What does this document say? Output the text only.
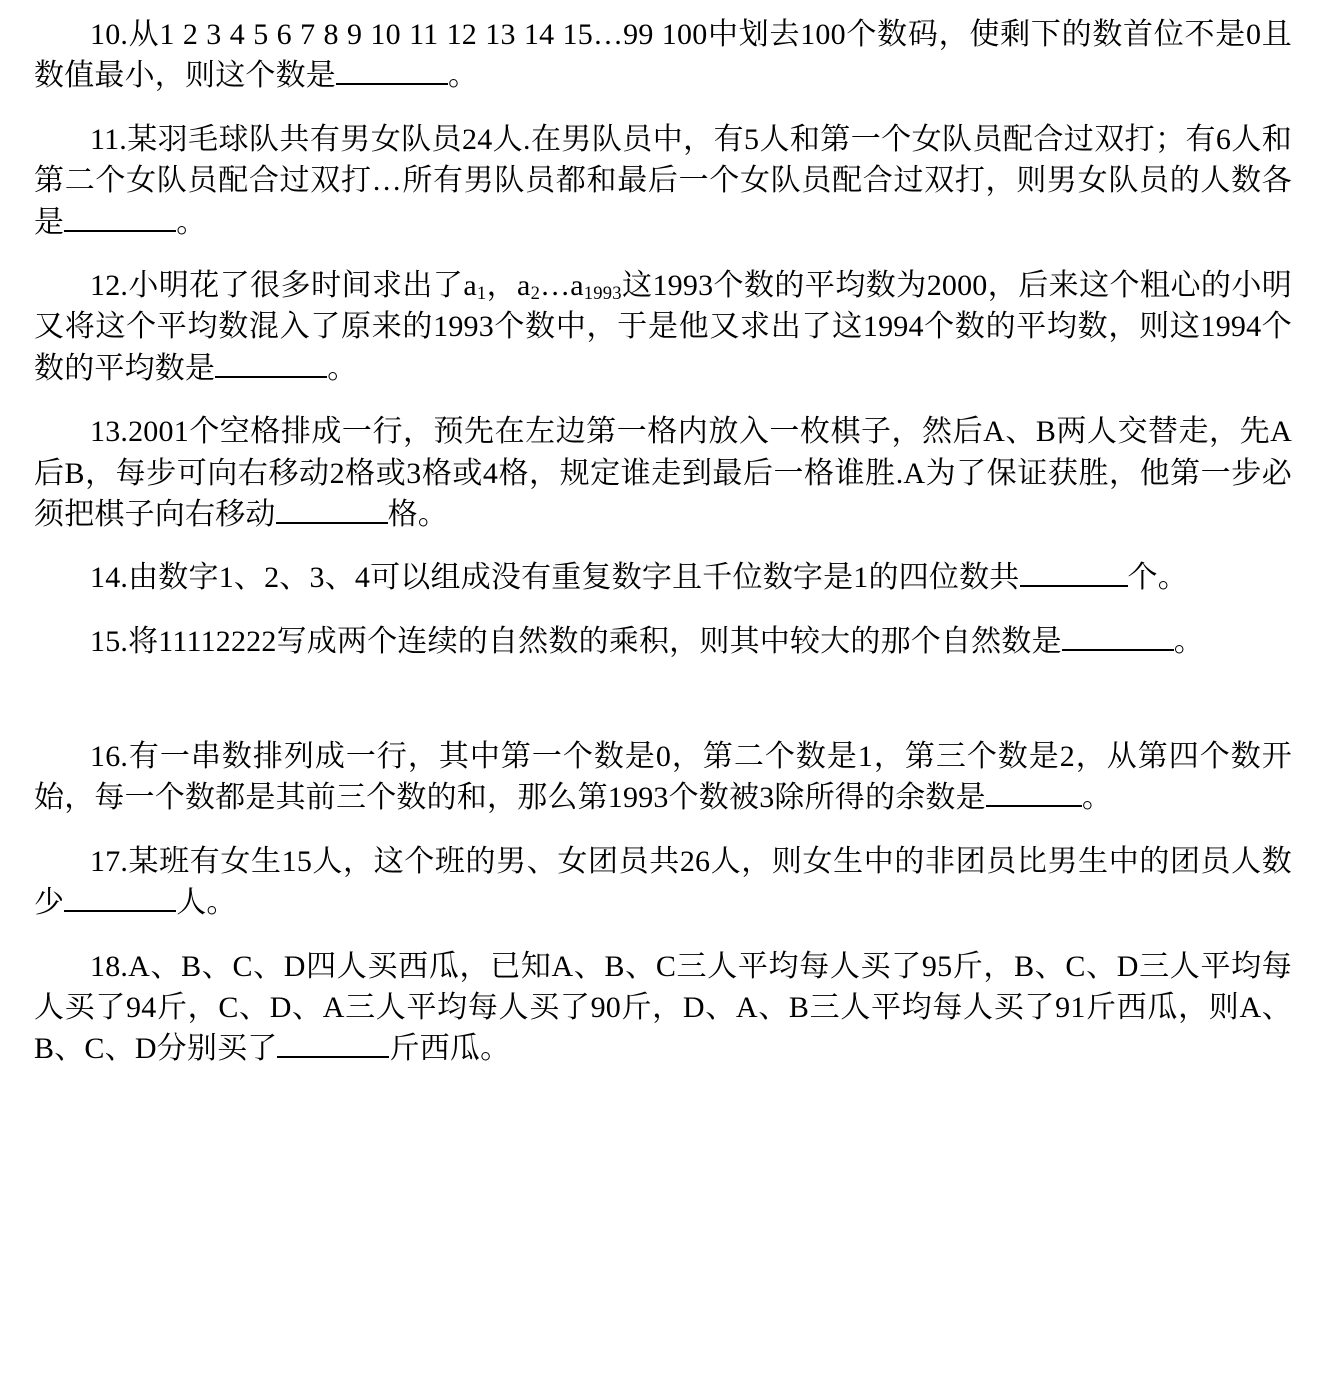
10.从1 2 3 4 5 6 7 8 9 10 11 12 13 14 15…99 100中划去100个数码，使剩下的数首位不是0且数值最小，则这个数是	。

11.某羽毛球队共有男女队员24人.在男队员中，有5人和第一个女队员配合过双打；有6人和第二个女队员配合过双打…所有男队员都和最后一个女队员配合过双打，则男女队员的人数各是	。

12.小明花了很多时间求出了$a_1$，$a_2\dots a_{1993}$这1993个数的平均数为2000，后来这个粗心的小明又将这个平均数混入了原来的1993个数中，于是他又求出了这1994个数的平均数，则这1994个数的平均数是	。

13.2001个空格排成一行，预先在左边第一格内放入一枚棋子，然后A、B两人交替走，先A后B，每步可向右移动2格或3格或4格，规定谁走到最后一格谁胜.A为了保证获胜，他第一步必须把棋子向右移动	格。

14.由数字1、2、3、4可以组成没有重复数字且千位数字是1的四位数共	个。

15.将11112222写成两个连续的自然数的乘积，则其中较大的那个自然数是	。

16.有一串数排列成一行，其中第一个数是0，第二个数是1，第三个数是2，从第四个数开始，每一个数都是其前三个数的和，那么第1993个数被3除所得的余数是	。

17.某班有女生15人，这个班的男、女团员共26人，则女生中的非团员比男生中的团员人数少	人。

18.A、B、C、D四人买西瓜，已知A、B、C三人平均每人买了95斤，B、C、D三人平均每人买了94斤，C、D、A三人平均每人买了90斤，D、A、B三人平均每人买了91斤西瓜，则A、B、C、D分别买了	斤西瓜。
